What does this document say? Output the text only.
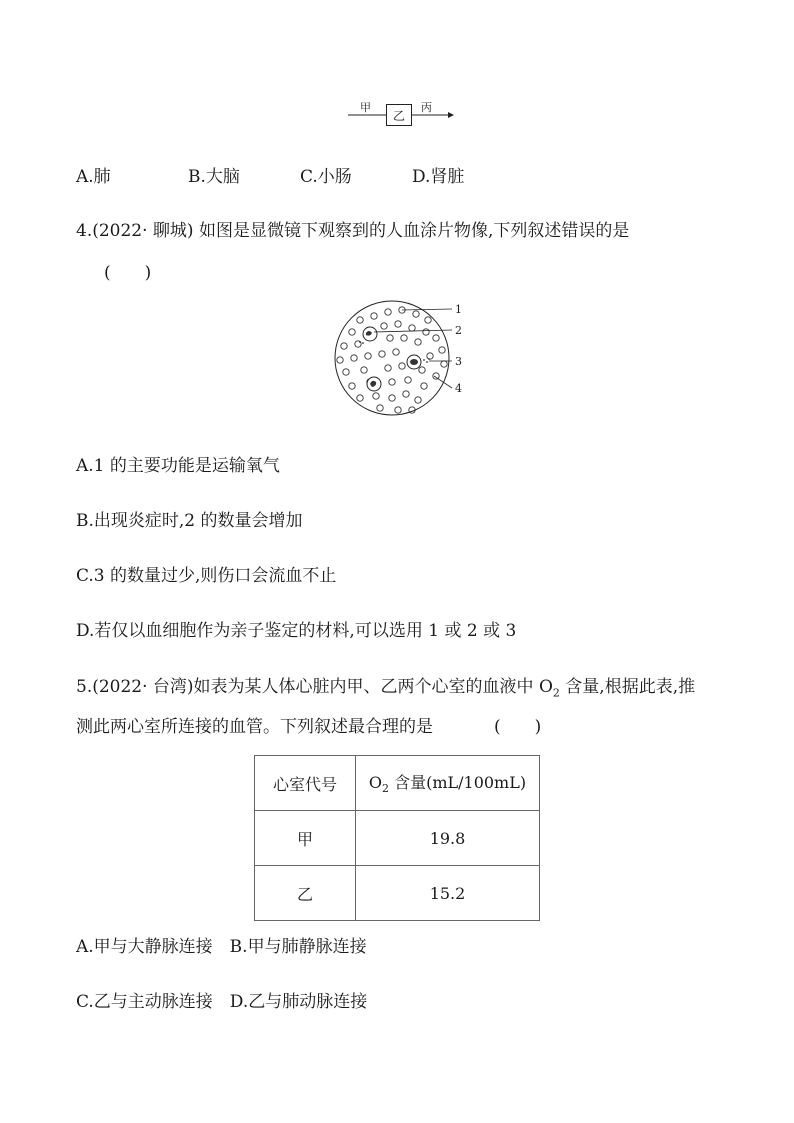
甲
乙
丙
A.肺	B.大脑	C.小肠	D.肾脏
4.(2022· 聊城) 如图是显微镜下观察到的人血涂片物像,下列叙述错误的是
(　　)
1
2
3
4
A.1 的主要功能是运输氧气
B.出现炎症时,2 的数量会增加
C.3 的数量过少,则伤口会流血不止
D.若仅以血细胞作为亲子鉴定的材料,可以选用 1 或 2 或 3
5.(2022· 台湾)如表为某人体心脏内甲、乙两个心室的血液中 $O_2$ 含量,根据此表,推
测此两心室所连接的血管。下列叙述最合理的是	(　　)
心室代号	$O_2$ 含量(mL/100mL)
甲	19.8
乙	15.2
A.甲与大静脉连接　B.甲与肺静脉连接
C.乙与主动脉连接　D.乙与肺动脉连接
